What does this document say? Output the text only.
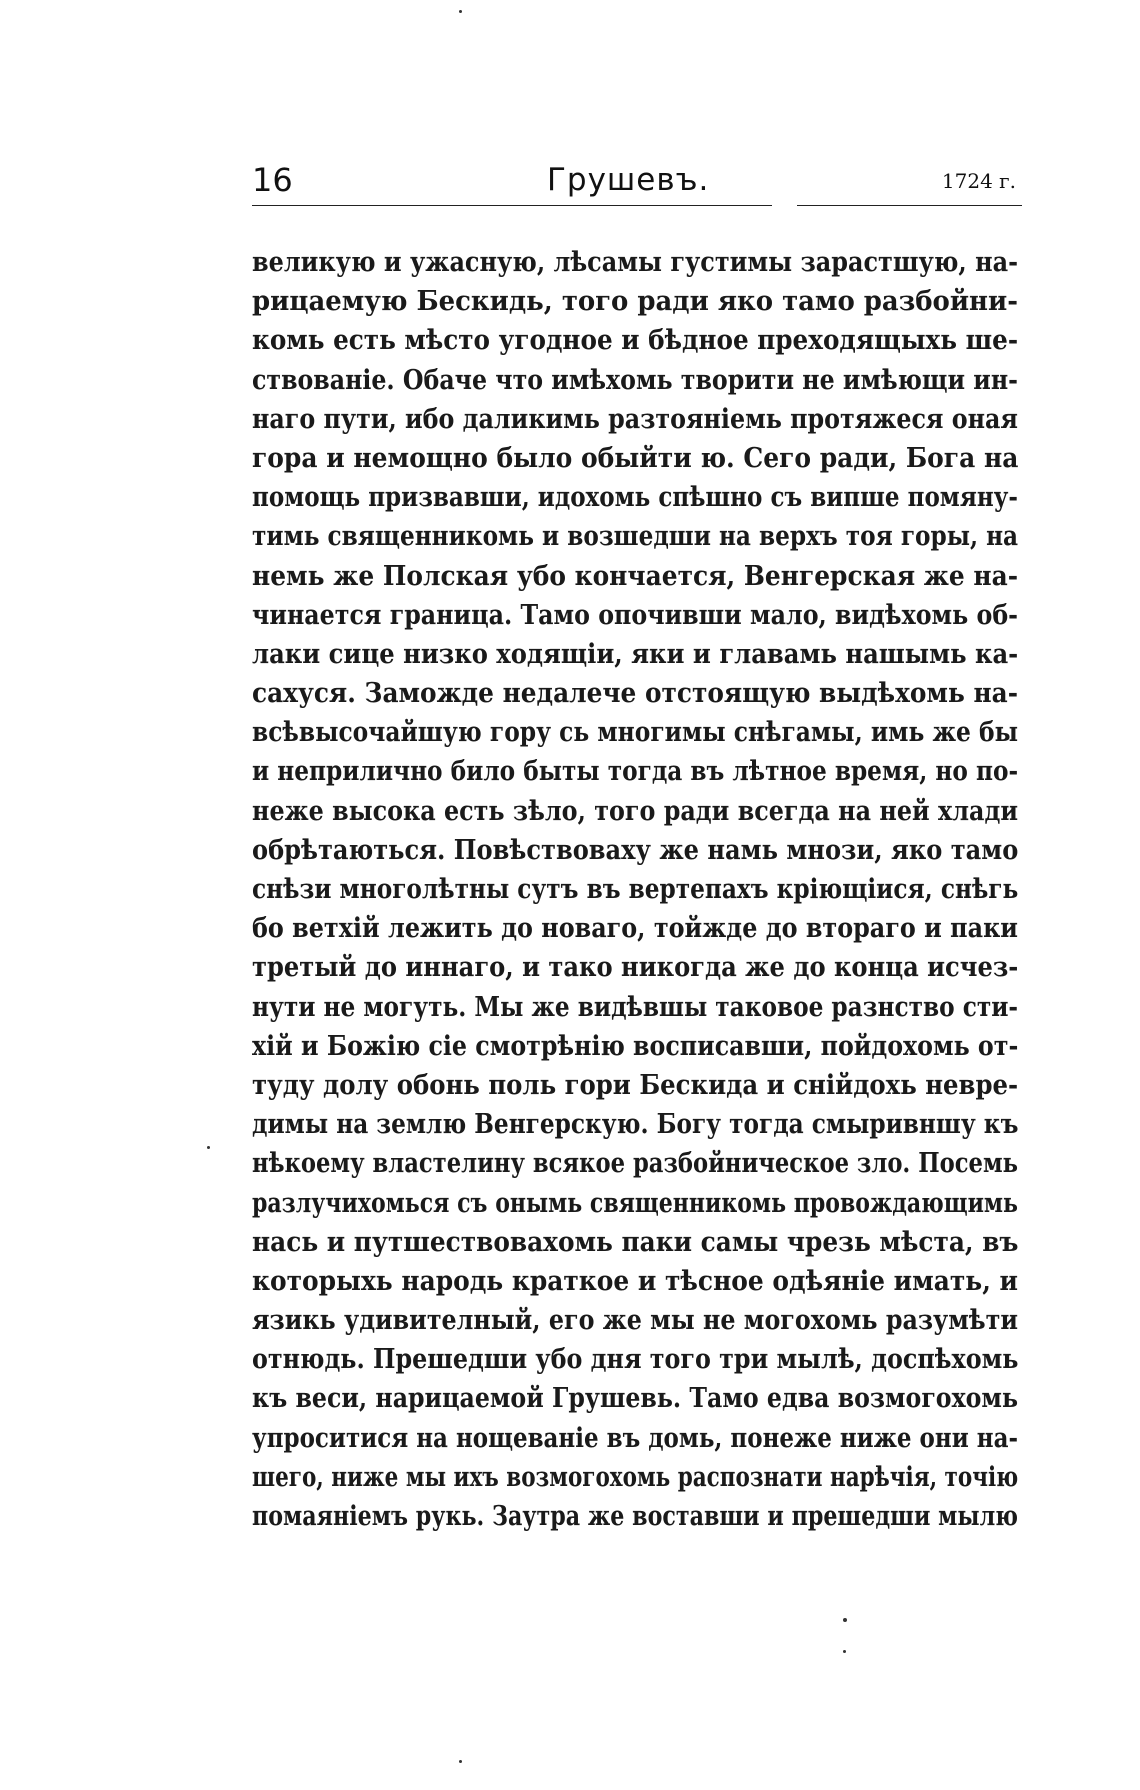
16	Грушевъ.	1724 г.
великую и ужасную, лѣсамы густимы зарастшую, на-
рицаемую Бескидь, того ради яко тамо разбойни-
комь есть мѣсто угодное и бѣдное преходящыхь ше-
ствованіе. Обаче что имѣхомь творити не имѣющи ин-
наго пути, ибо даликимь разтояніемь протяжеся оная
гора и немощно было обыйти ю. Сего ради, Бога на
помощь призвавши, идохомь спѣшно съ випше помяну-
тимь священникомь и возшедши на верхъ тоя горы, на
немь же Полская убо кончается, Венгерская же на-
чинается граница. Тамо опочивши мало, видѣхомь об-
лаки сице низко ходящіи, яки и главамь нашымь ка-
сахуся. Заможде недалече отстоящую выдѣхомь на-
всѣвысочайшую гору сь многимы снѣгамы, имь же бы
и неприлично било быты тогда въ лѣтное время, но по-
неже высока есть зѣло, того ради всегда на ней хлади
обрѣтаються. Повѣствоваху же намь мнози, яко тамо
снѣзи многолѣтны сутъ въ вертепахъ крiющіися, снѣгь
бо ветхій лежить до новаго, тойжде до втораго и паки
третый до иннаго, и тако никогда же до конца исчез-
нути не могуть. Мы же видѣвшы таковое разнство сти-
хій и Божію сіе смотрѣнію восписавши, пойдохомь от-
туду долу обонь поль гори Бескида и снійдохь невре-
димы на землю Венгерскую. Богу тогда смыривншу къ
нѣкоему властелину всякое разбойническое зло. Посемь
разлучихомься съ онымь священникомь провождающимь
нась и путшествовахомь паки самы чрезь мѣста, въ
которыхь народь краткое и тѣсное одѣяніе имать, и
язикь удивителный, его же мы не могохомь разумѣти
отнюдь. Прешедши убо дня того три мылѣ, доспѣхомь
къ веси, нарицаемой Грушевь. Тамо едва возмогохомь
упроситися на нощеваніе въ домь, понеже ниже они на-
шего, ниже мы ихъ возмогохомь распознати нарѣчія, точію
помаяніемъ рукь. Заутра же воставши и прешедши мылю
